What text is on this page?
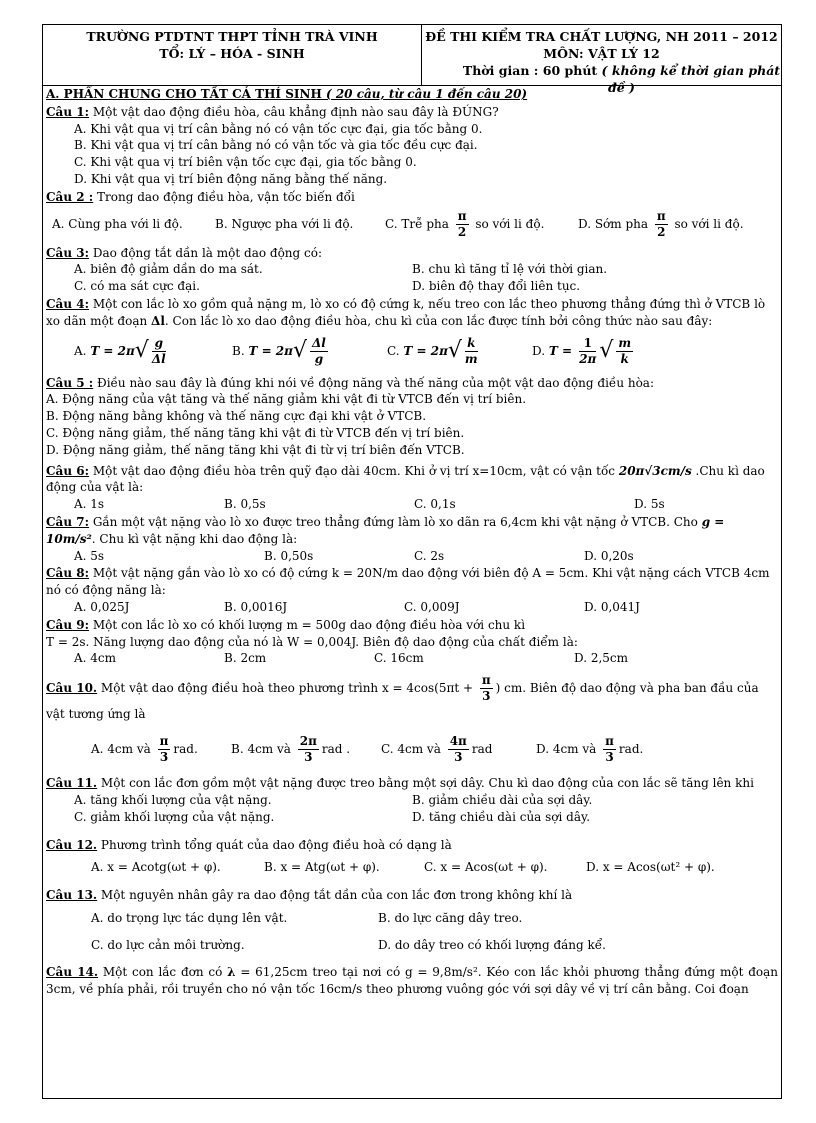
TRƯỜNG PTDTNT THPT TỈNH TRÀ VINH
TỔ: LÝ – HÓA - SINH
ĐỀ THI KIỂM TRA CHẤT LƯỢNG, NH 2011 – 2012
MÔN: VẬT LÝ 12
Thời gian : 60 phút ( không kể thời gian phát đề )
A. PHẦN CHUNG CHO TẤT CẢ THÍ SINH ( 20 câu, từ câu 1 đến câu 20)
Câu 1: Một vật dao động điều hòa, câu khẳng định nào sau đây là ĐÚNG?
A. Khi vật qua vị trí cân bằng nó có vận tốc cực đại, gia tốc bằng 0.
B. Khi vật qua vị trí cân bằng nó có vận tốc và gia tốc đều cực đại.
C. Khi vật qua vị trí biên vận tốc cực đại, gia tốc bằng 0.
D. Khi vật qua vị trí biên động năng bằng thế năng.
Câu 2 : Trong dao động điều hòa, vận tốc biến đổi
A. Cùng pha với li độ.	B. Ngược pha với li độ.	C. Trễ pha $\frac{\pi}{2}$ so với li độ.	D. Sớm pha $\frac{\pi}{2}$ so với li độ.
Câu 3: Dao động tắt dần là một dao động có:
A. biên độ giảm dần do ma sát.	B. chu kì tăng tỉ lệ với thời gian.
C. có ma sát cực đại.	D. biên độ thay đổi liên tục.
Câu 4: Một con lắc lò xo gồm quả nặng m, lò xo có độ cứng k, nếu treo con lắc theo phương thẳng đứng thì ở VTCB lò xo dãn một đoạn Δl. Con lắc lò xo dao động điều hòa, chu kì của con lắc được tính bởi công thức nào sau đây:
A. $T = 2\pi√ \frac{g}{\Delta l}$	B. $T = 2\pi√ \frac{\Delta l}{g}$	C. $T = 2\pi√ \frac{k}{m}$	D. $T = \frac{1}{2\pi}$ √ $\frac{m}{k}$
Câu 5 : Điều nào sau đây là đúng khi nói về động năng và thế năng của một vật dao động điều hòa:
A. Động năng của vật tăng và thế năng giảm khi vật đi từ VTCB đến vị trí biên.
B. Động năng bằng không và thế năng cực đại khi vật ở VTCB.
C. Động năng giảm, thế năng tăng khi vật đi từ VTCB đến vị trí biên.
D. Động năng giảm, thế năng tăng khi vật đi từ vị trí biên đến VTCB.
Câu 6: Một vật dao động điều hòa trên quỹ đạo dài 40cm. Khi ở vị trí x=10cm, vật có vận tốc 20π√3cm/s .Chu kì dao động của vật là:
A. 1s	B. 0,5s	C. 0,1s	D. 5s
Câu 7: Gắn một vật nặng vào lò xo được treo thẳng đứng làm lò xo dãn ra 6,4cm khi vật nặng ở VTCB. Cho g = 10m/s². Chu kì vật nặng khi dao động là:
A. 5s	B. 0,50s	C. 2s	D. 0,20s
Câu 8: Một vật nặng gắn vào lò xo có độ cứng k = 20N/m dao động với biên độ A = 5cm. Khi vật nặng cách VTCB 4cm nó có động năng là:
A. 0,025J	B. 0,0016J	C. 0,009J	D. 0,041J
Câu 9: Một con lắc lò xo có khối lượng m = 500g dao động điều hòa với chu kì
T = 2s. Năng lượng dao động của nó là W = 0,004J. Biên độ dao động của chất điểm là:
A. 4cm	B. 2cm	C. 16cm	D. 2,5cm
Câu 10. Một vật dao động điều hoà theo phương trình $x = 4\cos(5\pi t + \frac{\pi}{3}$ ) cm. Biên độ dao động và pha ban đầu của vật tương ứng là
A. 4cm và $\frac{\pi}{3}$ rad.	B. 4cm và $\frac{2\pi}{3}$ rad .	C. 4cm và $\frac{4\pi}{3}$ rad	D. 4cm và $\frac{\pi}{3}$ rad.
Câu 11. Một con lắc đơn gồm một vật nặng được treo bằng một sợi dây. Chu kì dao động của con lắc sẽ tăng lên khi
A. tăng khối lượng của vật nặng.	B. giảm chiều dài của sợi dây.
C. giảm khối lượng của vật nặng.	D. tăng chiều dài của sợi dây.
Câu 12. Phương trình tổng quát của dao động điều hoà có dạng là
A. x = Acotg(ωt + φ).	B. x = Atg(ωt + φ).	C. x = Acos(ωt + φ).	D. x = Acos(ωt² + φ).
Câu 13. Một nguyên nhân gây ra dao động tắt dần của con lắc đơn trong không khí là
A. do trọng lực tác dụng lên vật.	B. do lực căng dây treo.
C. do lực cản môi trường.	D. do dây treo có khối lượng đáng kể.
Câu 14. Một con lắc đơn có λ = 61,25cm treo tại nơi có g = 9,8m/s². Kéo con lắc khỏi phương thẳng đứng một đoạn 3cm, về phía phải, rồi truyền cho nó vận tốc 16cm/s theo phương vuông góc với sợi dây về vị trí cân bằng. Coi đoạn
